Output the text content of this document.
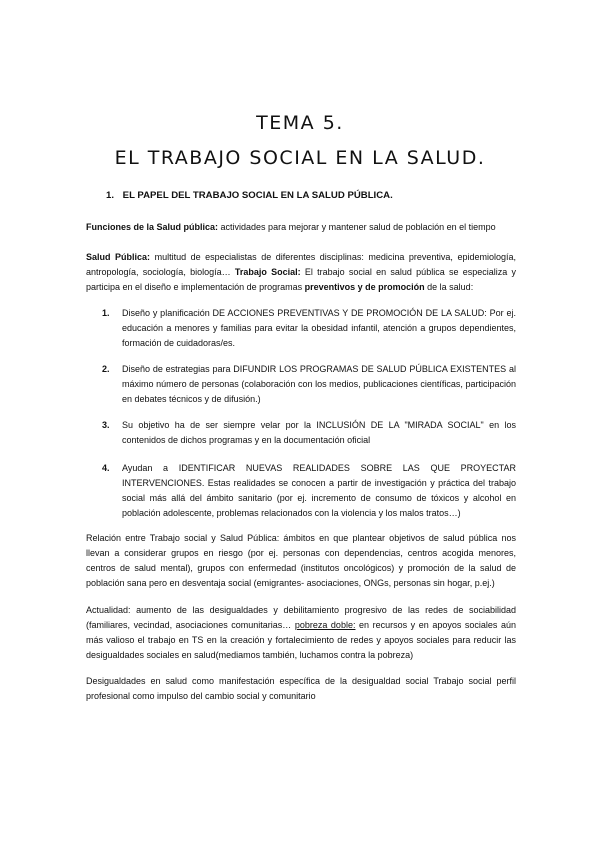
TEMA 5.
EL TRABAJO SOCIAL EN LA SALUD.
1. EL PAPEL DEL TRABAJO SOCIAL EN LA SALUD PÚBLICA.
Funciones de la Salud pública: actividades para mejorar y mantener salud de población en el tiempo
Salud Pública: multitud de especialistas de diferentes disciplinas: medicina preventiva, epidemiología, antropología, sociología, biología… Trabajo Social: El trabajo social en salud pública se especializa y participa en el diseño e implementación de programas preventivos y de promoción de la salud:
1. Diseño y planificación DE ACCIONES PREVENTIVAS Y DE PROMOCIÓN DE LA SALUD: Por ej. educación a menores y familias para evitar la obesidad infantil, atención a grupos dependientes, formación de cuidadoras/es.
2. Diseño de estrategias para DIFUNDIR LOS PROGRAMAS DE SALUD PÚBLICA EXISTENTES al máximo número de personas (colaboración con los medios, publicaciones científicas, participación en debates técnicos y de difusión.)
3. Su objetivo ha de ser siempre velar por la INCLUSIÓN DE LA "MIRADA SOCIAL" en los contenidos de dichos programas y en la documentación oficial
4. Ayudan a IDENTIFICAR NUEVAS REALIDADES SOBRE LAS QUE PROYECTAR INTERVENCIONES. Estas realidades se conocen a partir de investigación y práctica del trabajo social más allá del ámbito sanitario (por ej. incremento de consumo de tóxicos y alcohol en población adolescente, problemas relacionados con la violencia y los malos tratos…)
Relación entre Trabajo social y Salud Pública: ámbitos en que plantear objetivos de salud pública nos llevan a considerar grupos en riesgo (por ej. personas con dependencias, centros acogida menores, centros de salud mental), grupos con enfermedad (institutos oncológicos) y promoción de la salud de población sana pero en desventaja social (emigrantes- asociaciones, ONGs, personas sin hogar, p.ej.)
Actualidad: aumento de las desigualdades y debilitamiento progresivo de las redes de sociabilidad (familiares, vecindad, asociaciones comunitarias… pobreza doble: en recursos y en apoyos sociales aún más valioso el trabajo en TS en la creación y fortalecimiento de redes y apoyos sociales para reducir las desigualdades sociales en salud(mediamos también, luchamos contra la pobreza)
Desigualdades en salud como manifestación específica de la desigualdad social Trabajo social perfil profesional como impulso del cambio social y comunitario
